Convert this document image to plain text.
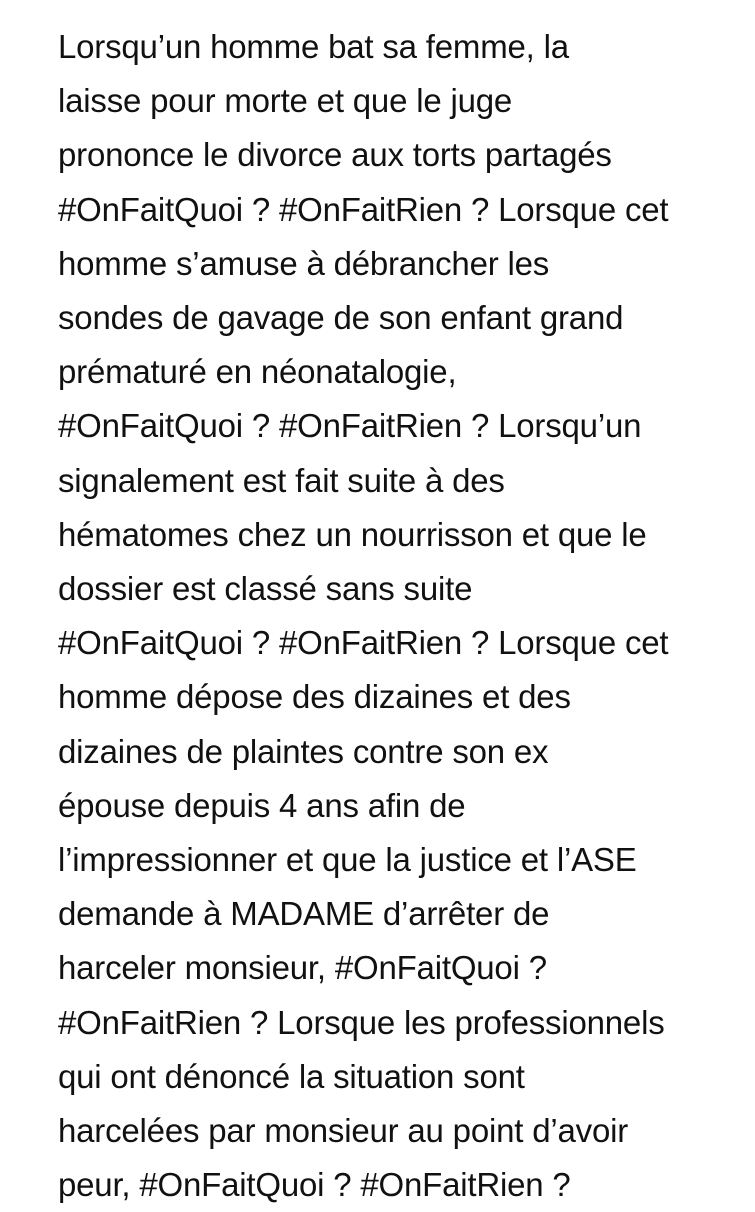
Lorsqu’un homme bat sa femme, la
laisse pour morte et que le juge
prononce le divorce aux torts partagés
#OnFaitQuoi ? #OnFaitRien ? Lorsque cet
homme s’amuse à débrancher les
sondes de gavage de son enfant grand
prématuré en néonatalogie,
#OnFaitQuoi ? #OnFaitRien ? Lorsqu’un
signalement est fait suite à des
hématomes chez un nourrisson et que le
dossier est classé sans suite
#OnFaitQuoi ? #OnFaitRien ? Lorsque cet
homme dépose des dizaines et des
dizaines de plaintes contre son ex
épouse depuis 4 ans afin de
l’impressionner et que la justice et l’ASE
demande à MADAME d’arrêter de
harceler monsieur, #OnFaitQuoi ?
#OnFaitRien ? Lorsque les professionnels
qui ont dénoncé la situation sont
harcelées par monsieur au point d’avoir
peur, #OnFaitQuoi ? #OnFaitRien ?
